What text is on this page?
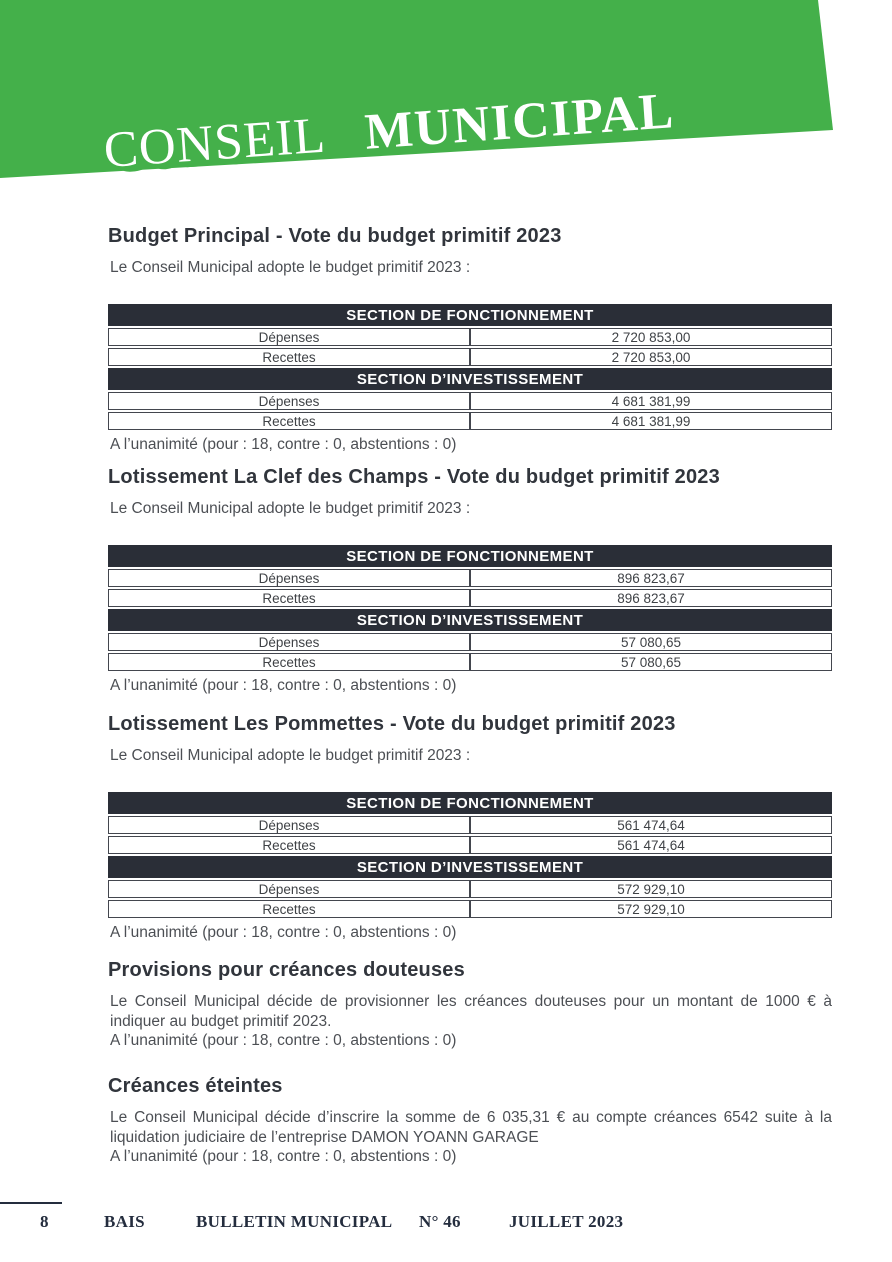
CONSEIL MUNICIPAL
Budget Principal - Vote du budget primitif 2023

Le Conseil Municipal adopte le budget primitif 2023 :

SECTION DE FONCTIONNEMENT	
Dépenses	2 720 853,00
Recettes	2 720 853,00
SECTION D’INVESTISSEMENT	
Dépenses	4 681 381,99
Recettes	4 681 381,99

A l’unanimité (pour : 18, contre : 0, abstentions : 0)

Lotissement La Clef des Champs - Vote du budget primitif 2023

Le Conseil Municipal adopte le budget primitif 2023 :

SECTION DE FONCTIONNEMENT	
Dépenses	896 823,67
Recettes	896 823,67
SECTION D’INVESTISSEMENT	
Dépenses	57 080,65
Recettes	57 080,65

A l’unanimité (pour : 18, contre : 0, abstentions : 0)

Lotissement Les Pommettes - Vote du budget primitif 2023

Le Conseil Municipal adopte le budget primitif 2023 :

SECTION DE FONCTIONNEMENT	
Dépenses	561 474,64
Recettes	561 474,64
SECTION D’INVESTISSEMENT	
Dépenses	572 929,10
Recettes	572 929,10

A l’unanimité (pour : 18, contre : 0, abstentions : 0)

Provisions pour créances douteuses

Le Conseil Municipal décide de provisionner les créances douteuses pour un montant de 1000 € à indiquer au budget primitif 2023.

A l’unanimité (pour : 18, contre : 0, abstentions : 0)

Créances éteintes

Le Conseil Municipal décide d’inscrire la somme de 6 035,31 € au compte créances 6542 suite à la liquidation judiciaire de l’entreprise DAMON YOANN GARAGE

A l’unanimité (pour : 18, contre : 0, abstentions : 0)

8	BAIS	BULLETIN MUNICIPAL N° 46	JUILLET 2023
